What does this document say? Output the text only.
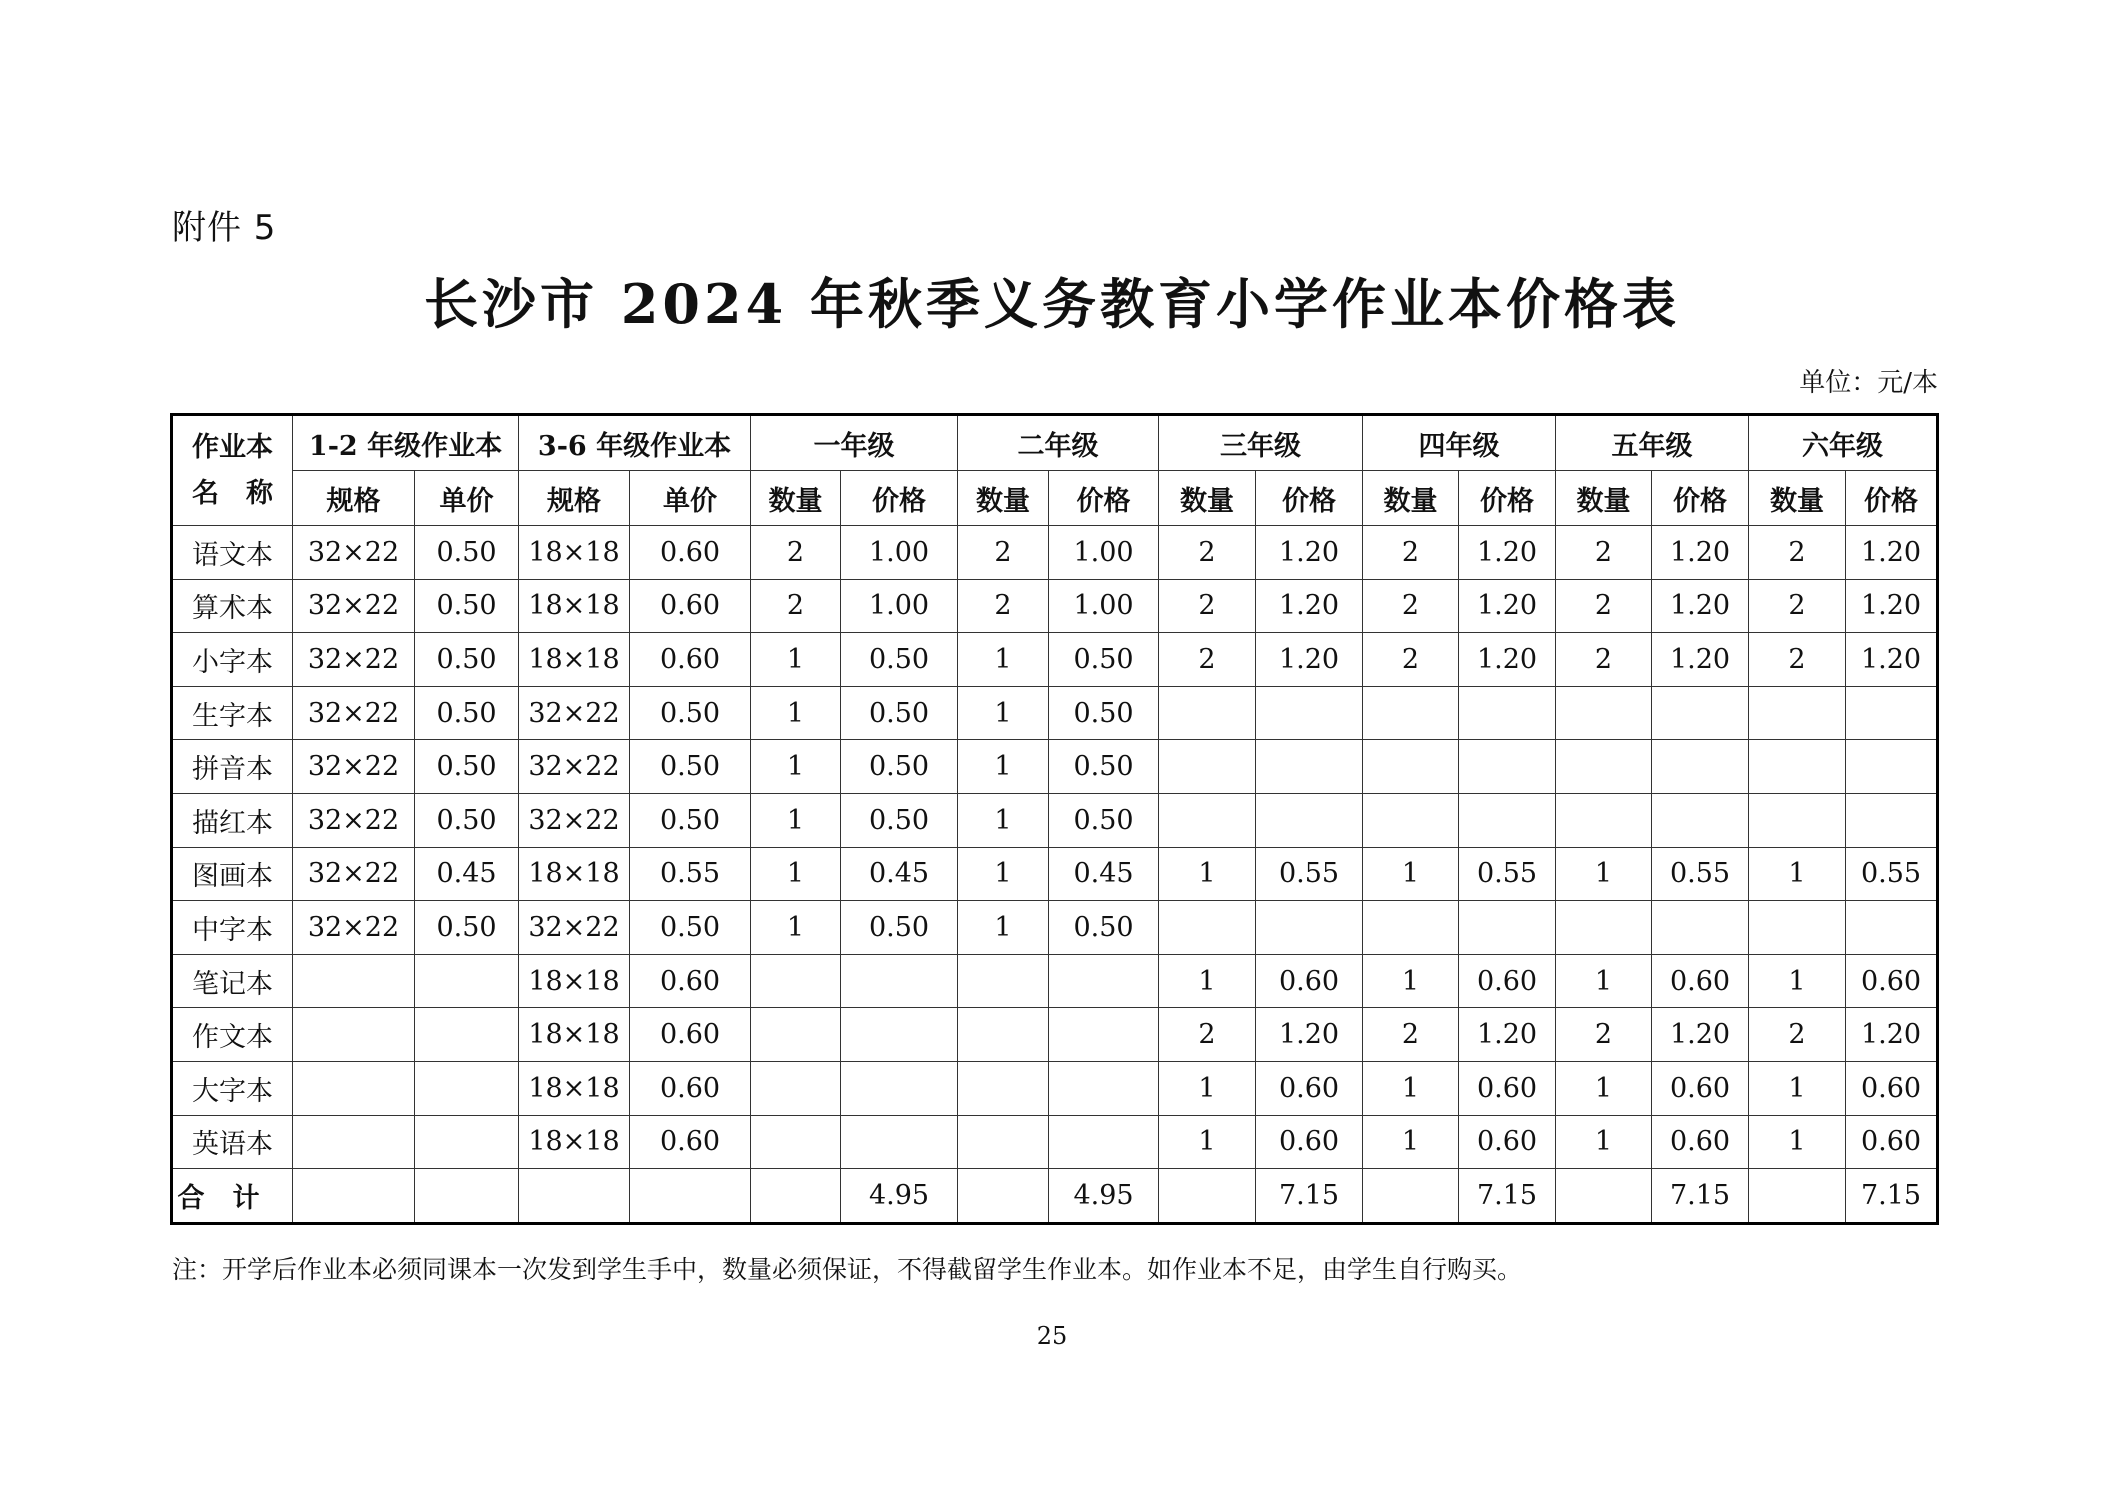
附件 5
长沙市 2024 年秋季义务教育小学作业本价格表
单位：元/本
作业本
名　称	1-2 年级作业本		3-6 年级作业本		一年级		二年级		三年级		四年级		五年级		六年级	
	规格	单价	规格	单价	数量	价格	数量	价格	数量	价格	数量	价格	数量	价格	数量	价格
语文本	32×22	0.50	18×18	0.60	2	1.00	2	1.00	2	1.20	2	1.20	2	1.20	2	1.20
算术本	32×22	0.50	18×18	0.60	2	1.00	2	1.00	2	1.20	2	1.20	2	1.20	2	1.20
小字本	32×22	0.50	18×18	0.60	1	0.50	1	0.50	2	1.20	2	1.20	2	1.20	2	1.20
生字本	32×22	0.50	32×22	0.50	1	0.50	1	0.50								
拼音本	32×22	0.50	32×22	0.50	1	0.50	1	0.50								
描红本	32×22	0.50	32×22	0.50	1	0.50	1	0.50								
图画本	32×22	0.45	18×18	0.55	1	0.45	1	0.45	1	0.55	1	0.55	1	0.55	1	0.55
中字本	32×22	0.50	32×22	0.50	1	0.50	1	0.50								
笔记本			18×18	0.60					1	0.60	1	0.60	1	0.60	1	0.60
作文本			18×18	0.60					2	1.20	2	1.20	2	1.20	2	1.20
大字本			18×18	0.60					1	0.60	1	0.60	1	0.60	1	0.60
英语本			18×18	0.60					1	0.60	1	0.60	1	0.60	1	0.60
合计						4.95		4.95		7.15		7.15		7.15		7.15
注：开学后作业本必须同课本一次发到学生手中，数量必须保证，不得截留学生作业本。如作业本不足，由学生自行购买。
25
